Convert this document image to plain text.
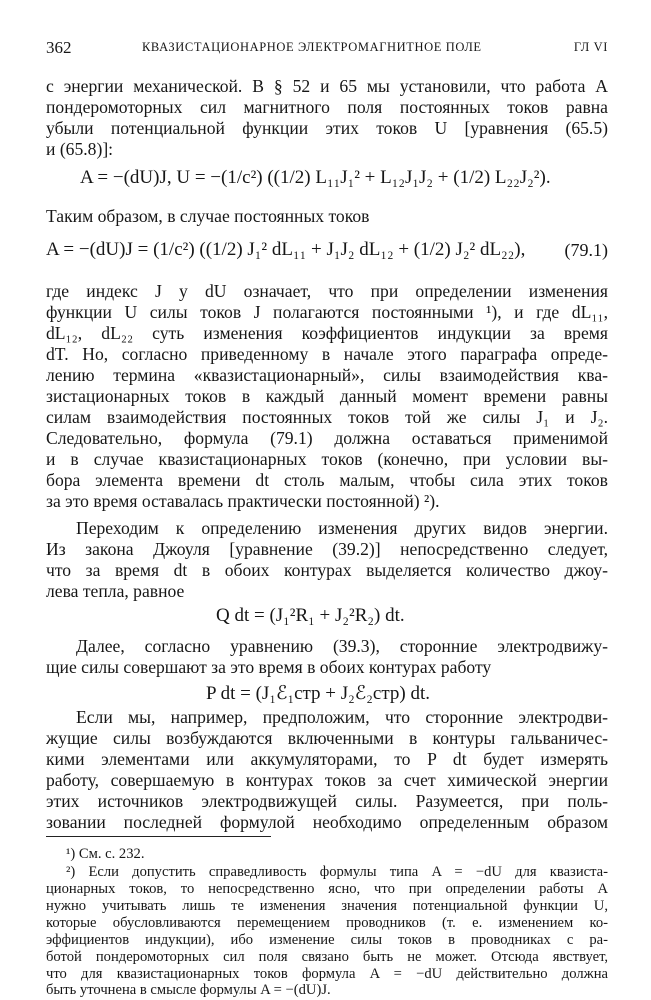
362	КВАЗИСТАЦИОНАРНОЕ ЭЛЕКТРОМАГНИТНОЕ ПОЛЕ	ГЛ VI
с энергии механической. В § 52 и 65 мы установили, что работа A
пондеромоторных сил магнитного поля постоянных токов равна
убыли потенциальной функции этих токов U [уравнения (65.5)
и (65.8)]:
A = −(dU)J, U = −(1/c²) ((1/2) L₁₁J₁² + L₁₂J₁J₂ + (1/2) L₂₂J₂²).
Таким образом, в случае постоянных токов
A = −(dU)J = (1/c²) ((1/2) J₁² dL₁₁ + J₁J₂ dL₁₂ + (1/2) J₂² dL₂₂), (79.1)
где индекс J у dU означает, что при определении изменения
функции U силы токов J полагаются постоянными ¹), и где dL₁₁,
dL₁₂, dL₂₂ суть изменения коэффициентов индукции за время
dT. Но, согласно приведенному в начале этого параграфа опреде-
лению термина «квазистационарный», силы взаимодействия ква-
зистационарных токов в каждый данный момент времени равны
силам взаимодействия постоянных токов той же силы J₁ и J₂.
Следовательно, формула (79.1) должна оставаться применимой
и в случае квазистационарных токов (конечно, при условии вы-
бора элемента времени dt столь малым, чтобы сила этих токов
за это время оставалась практически постоянной) ²).
Переходим к определению изменения других видов энергии.
Из закона Джоуля [уравнение (39.2)] непосредственно следует,
что за время dt в обоих контурах выделяется количество джоу-
лева тепла, равное
Q dt = (J₁²R₁ + J₂²R₂) dt.
Далее, согласно уравнению (39.3), сторонние электродвижу-
щие силы совершают за это время в обоих контурах работу
P dt = (J₁ℰ₁стр + J₂ℰ₂стр) dt.
Если мы, например, предположим, что сторонние электродви-
жущие силы возбуждаются включенными в контуры гальваничес-
кими элементами или аккумуляторами, то P dt будет измерять
работу, совершаемую в контурах токов за счет химической энергии
этих источников электродвижущей силы. Разумеется, при поль-
зовании последней формулой необходимо определенным образом
¹) См. с. 232.
²) Если допустить справедливость формулы типа A = −dU для квазиста-
ционарных токов, то непосредственно ясно, что при определении работы A
нужно учитывать лишь те изменения значения потенциальной функции U,
которые обусловливаются перемещением проводников (т. е. изменением ко-
эффициентов индукции), ибо изменение силы токов в проводниках с ра-
ботой пондеромоторных сил поля связано быть не может. Отсюда явствует,
что для квазистационарных токов формула A = −dU действительно должна
быть уточнена в смысле формулы A = −(dU)J.
